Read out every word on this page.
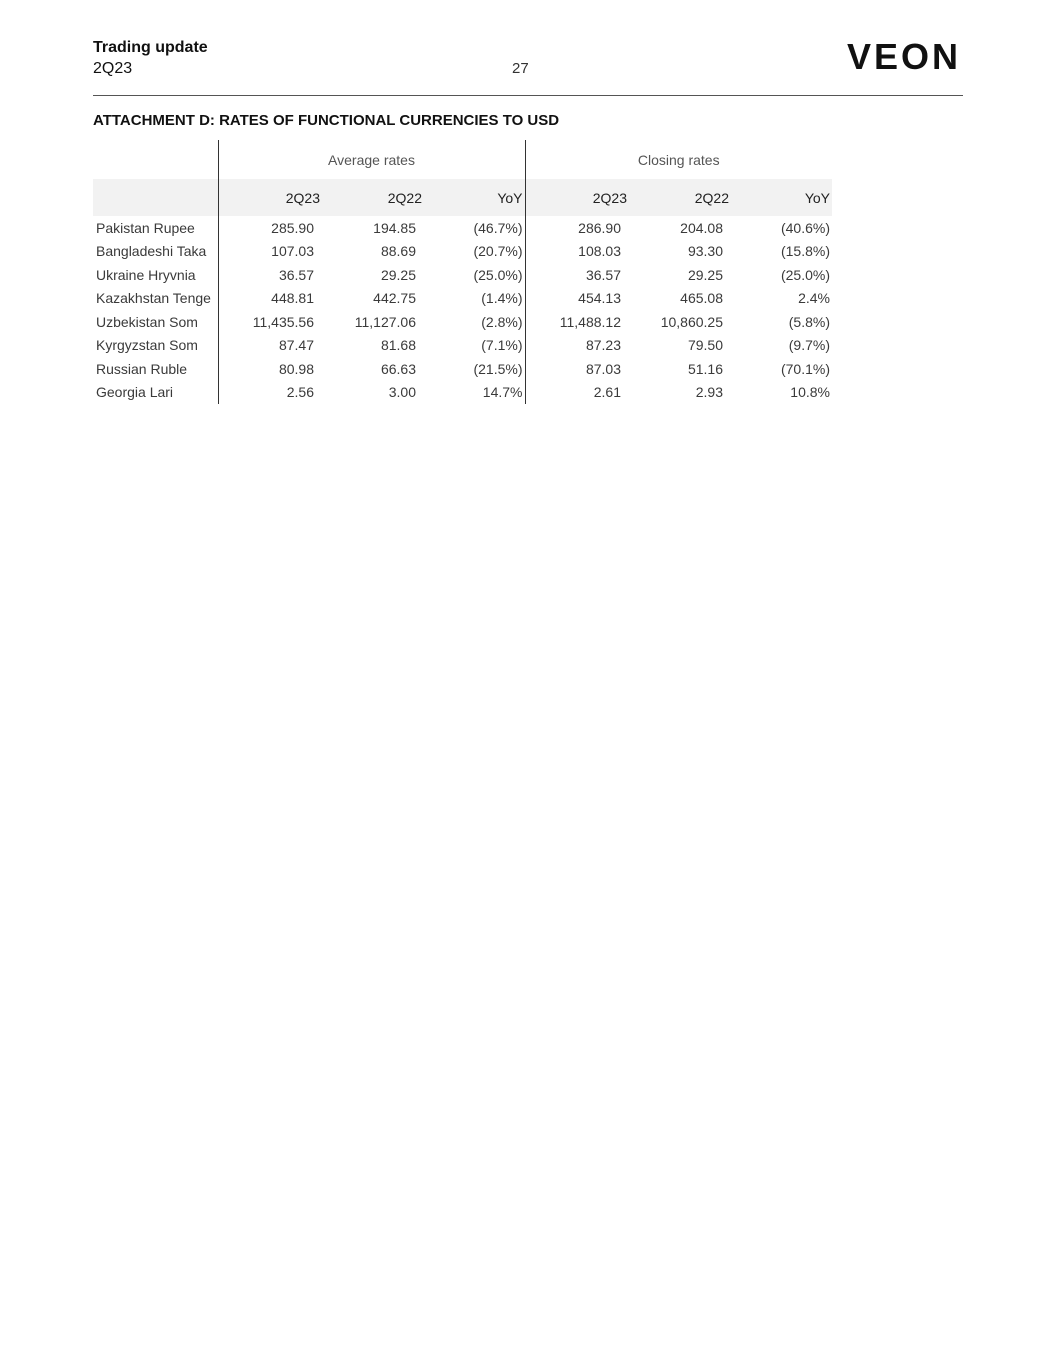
Trading update
2Q23	27	VEON
ATTACHMENT D: RATES OF FUNCTIONAL CURRENCIES TO USD
	Average rates			Closing rates		
	2Q23	2Q22	YoY	2Q23	2Q22	YoY
Pakistan Rupee	285.90	194.85	(46.7%)	286.90	204.08	(40.6%)
Bangladeshi Taka	107.03	88.69	(20.7%)	108.03	93.30	(15.8%)
Ukraine Hryvnia	36.57	29.25	(25.0%)	36.57	29.25	(25.0%)
Kazakhstan Tenge	448.81	442.75	(1.4%)	454.13	465.08	2.4%
Uzbekistan Som	11,435.56	11,127.06	(2.8%)	11,488.12	10,860.25	(5.8%)
Kyrgyzstan Som	87.47	81.68	(7.1%)	87.23	79.50	(9.7%)
Russian Ruble	80.98	66.63	(21.5%)	87.03	51.16	(70.1%)
Georgia Lari	2.56	3.00	14.7%	2.61	2.93	10.8%
